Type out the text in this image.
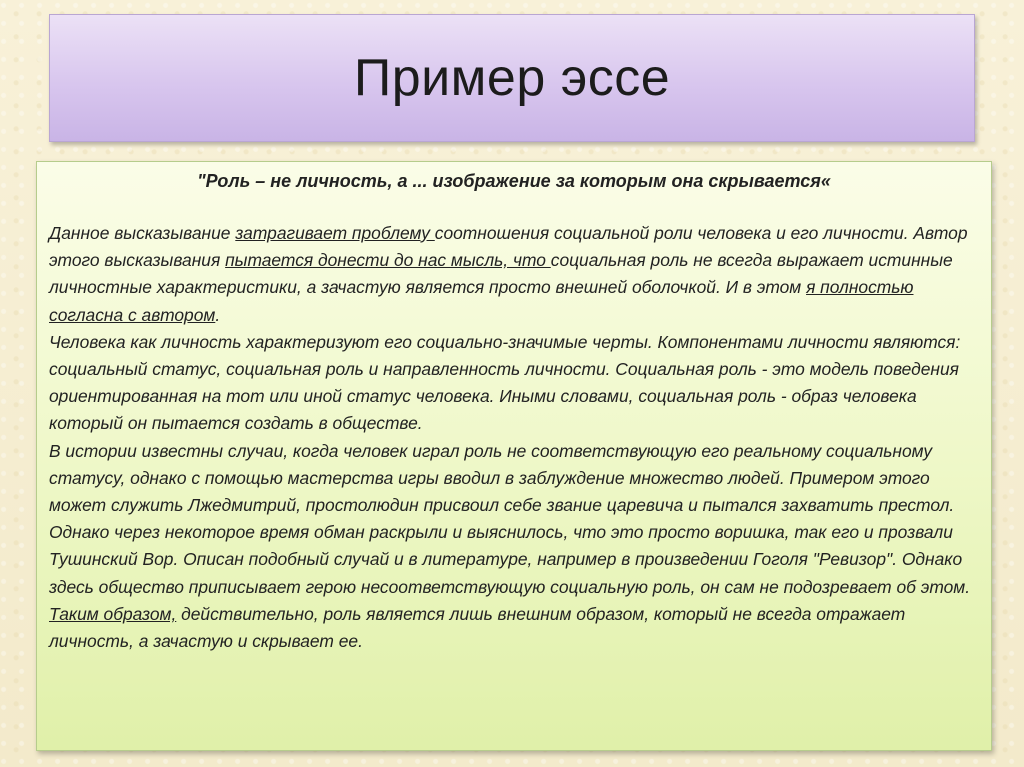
Пример эссе

"Роль – не личность, а ... изображение за которым она скрывается«

Данное высказывание затрагивает проблему соотношения социальной роли человека и его личности. Автор этого высказывания пытается донести до нас мысль, что социальная роль не всегда выражает истинные личностные характеристики, а зачастую является просто внешней оболочкой. И в этом я полностью согласна с автором.

Человека как личность характеризуют его социально-значимые черты. Компонентами личности являются: социальный статус, социальная роль и направленность личности. Социальная роль - это модель поведения ориентированная на тот или иной статус человека. Иными словами, социальная роль - образ человека который он пытается создать в обществе.

В истории известны случаи, когда человек играл роль не соответствующую его реальному социальному статусу, однако с помощью мастерства игры вводил в заблуждение множество людей. Примером этого может служить Лжедмитрий, простолюдин присвоил себе звание царевича и пытался захватить престол. Однако через некоторое время обман раскрыли и выяснилось, что это просто воришка, так его и прозвали Тушинский Вор. Описан подобный случай и в литературе, например в произведении Гоголя "Ревизор". Однако здесь общество приписывает герою несоответствующую социальную роль, он сам не подозревает об этом.

Таким образом, действительно, роль является лишь внешним образом, который не всегда отражает личность, а зачастую и скрывает ее.
